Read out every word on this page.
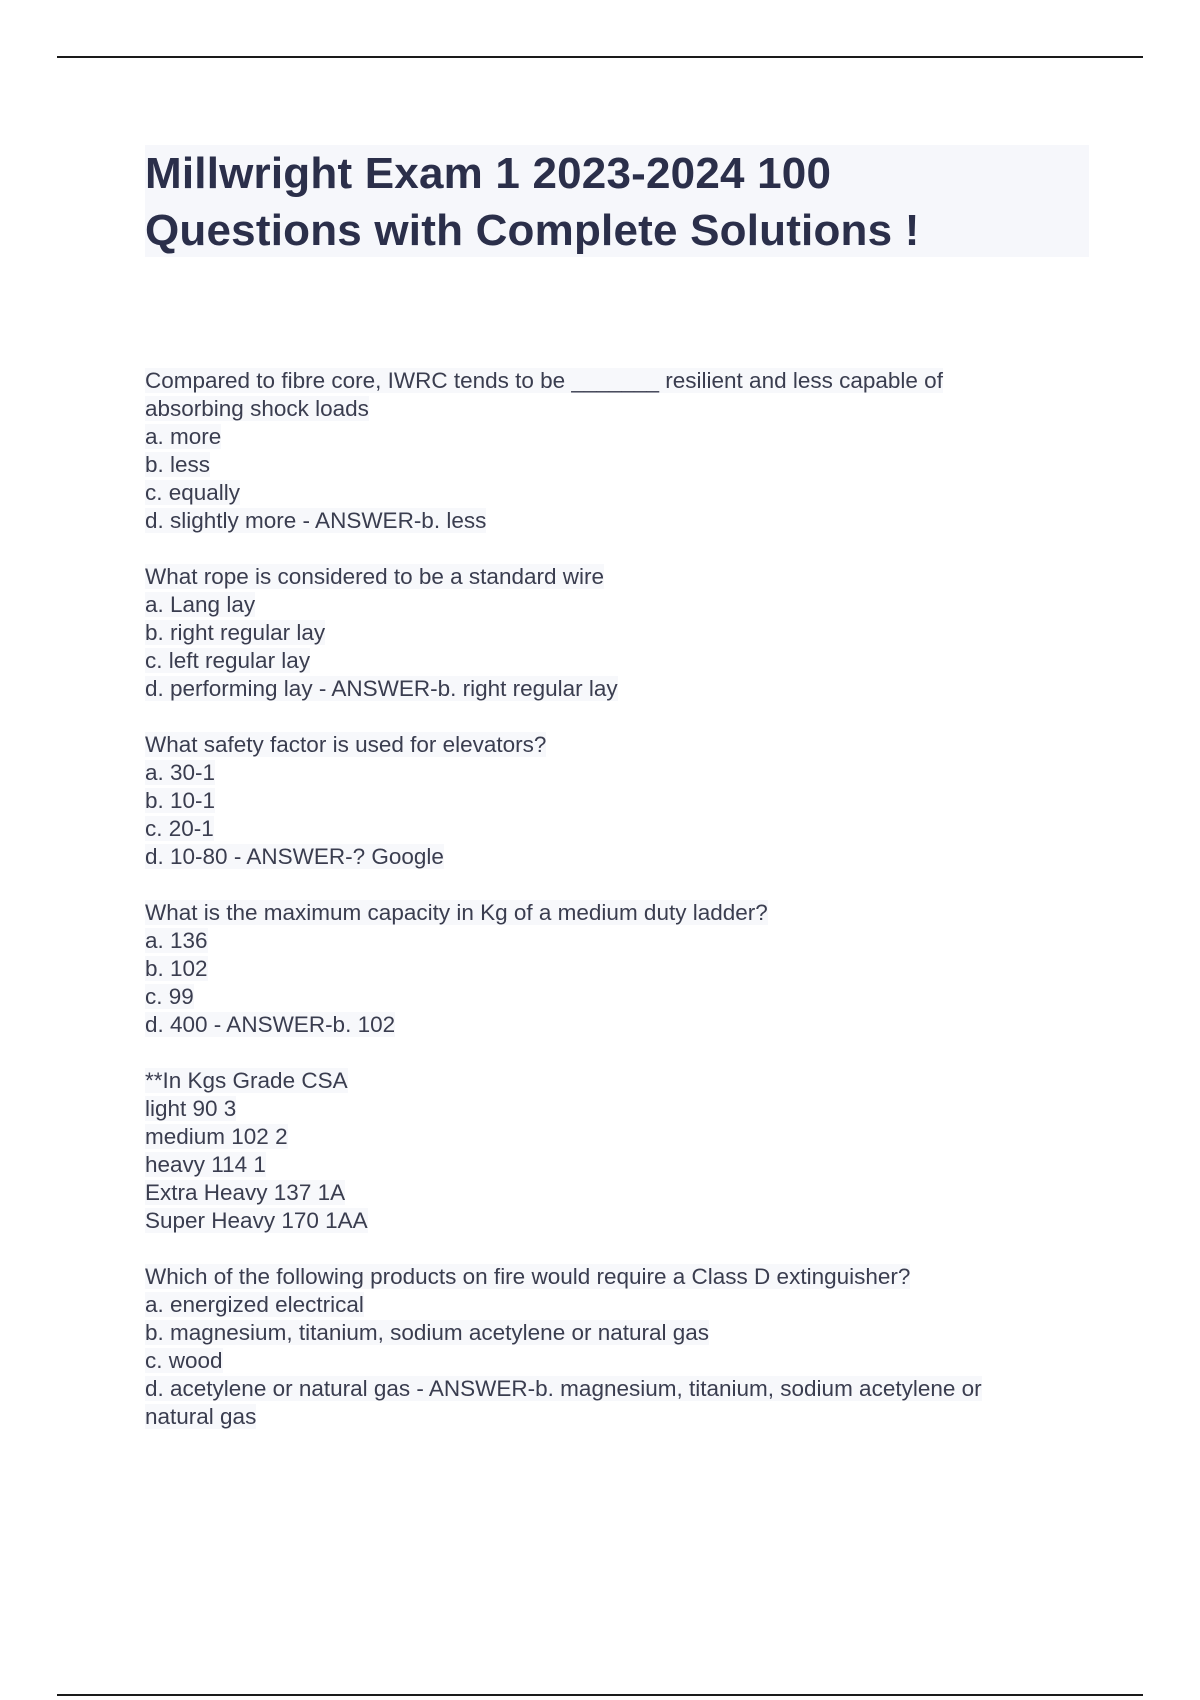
Millwright Exam 1 2023-2024 100
Questions with Complete Solutions !
Compared to fibre core, IWRC tends to be _______ resilient and less capable of
absorbing shock loads
a. more
b. less
c. equally
d. slightly more - ANSWER-b. less
What rope is considered to be a standard wire
a. Lang lay
b. right regular lay
c. left regular lay
d. performing lay - ANSWER-b. right regular lay
What safety factor is used for elevators?
a. 30-1
b. 10-1
c. 20-1
d. 10-80 - ANSWER-? Google
What is the maximum capacity in Kg of a medium duty ladder?
a. 136
b. 102
c. 99
d. 400 - ANSWER-b. 102
**In Kgs Grade CSA
light 90 3
medium 102 2
heavy 114 1
Extra Heavy 137 1A
Super Heavy 170 1AA
Which of the following products on fire would require a Class D extinguisher?
a. energized electrical
b. magnesium, titanium, sodium acetylene or natural gas
c. wood
d. acetylene or natural gas - ANSWER-b. magnesium, titanium, sodium acetylene or
natural gas
